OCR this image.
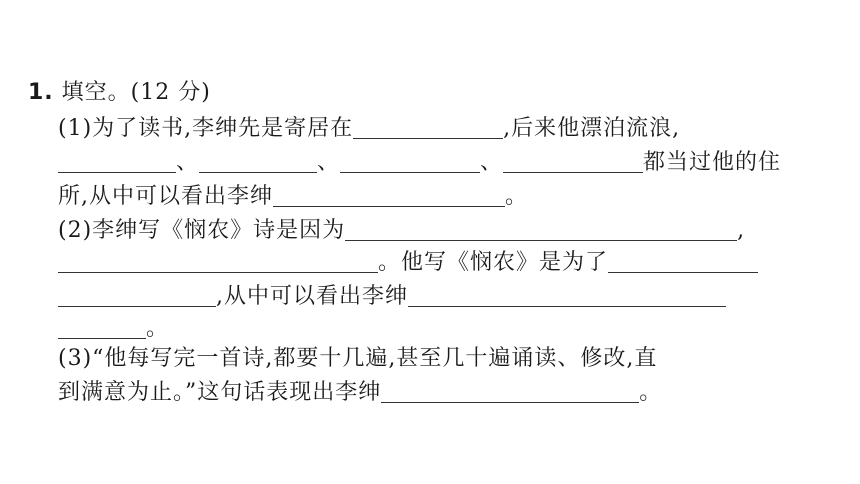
1. 填空。(12 分)
(1)为了读书,李绅先是寄居在	,后来他漂泊流浪,
、	、	、	都当过他的住
所,从中可以看出李绅	。
(2)李绅写《悯农》诗是因为	,
。他写《悯农》是为了
,从中可以看出李绅
。
(3)“他每写完一首诗,都要十几遍,甚至几十遍诵读、修改,直
到满意为止。”这句话表现出李绅	。
